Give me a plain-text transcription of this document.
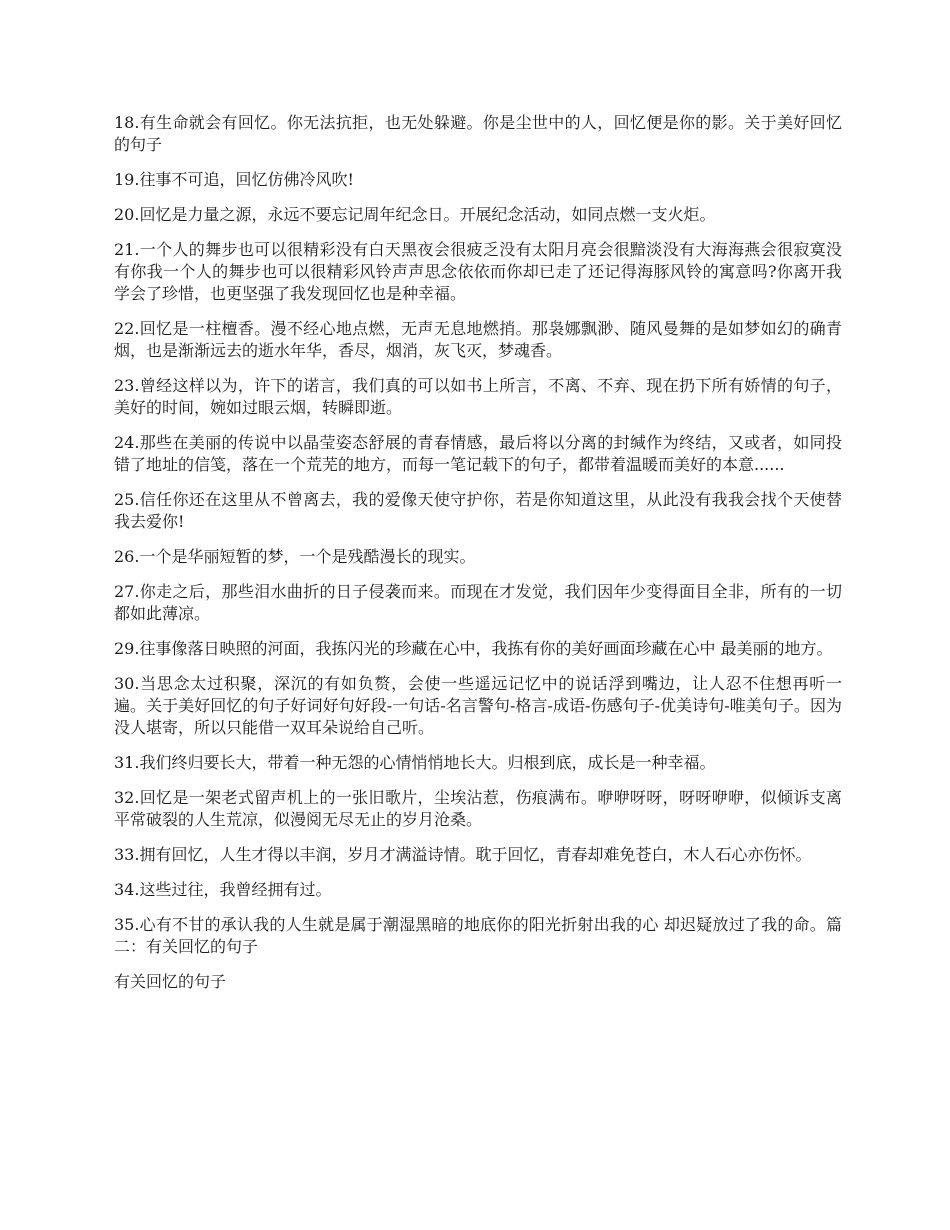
18.有生命就会有回忆。你无法抗拒，也无处躲避。你是尘世中的人，回忆便是你的影。关于美好回忆的句子

19.往事不可追，回忆仿佛冷风吹!

20.回忆是力量之源，永远不要忘记周年纪念日。开展纪念活动，如同点燃一支火炬。

21.一个人的舞步也可以很精彩没有白天黑夜会很疲乏没有太阳月亮会很黯淡没有大海海燕会很寂寞没有你我一个人的舞步也可以很精彩风铃声声思念依依而你却已走了还记得海豚风铃的寓意吗?你离开我学会了珍惜，也更坚强了我发现回忆也是种幸福。

22.回忆是一柱檀香。漫不经心地点燃，无声无息地燃捎。那袅娜飘渺、随风曼舞的是如梦如幻的确青烟，也是渐渐远去的逝水年华，香尽，烟消，灰飞灭，梦魂香。

23.曾经这样以为，许下的诺言，我们真的可以如书上所言，不离、不弃、现在扔下所有娇情的句子，美好的时间，婉如过眼云烟，转瞬即逝。

24.那些在美丽的传说中以晶莹姿态舒展的青春情感，最后将以分离的封缄作为终结，又或者，如同投错了地址的信笺，落在一个荒芜的地方，而每一笔记载下的句子，都带着温暖而美好的本意......

25.信任你还在这里从不曾离去，我的爱像天使守护你，若是你知道这里，从此没有我我会找个天使替我去爱你!

26.一个是华丽短暂的梦，一个是残酷漫长的现实。

27.你走之后，那些泪水曲折的日子侵袭而来。而现在才发觉，我们因年少变得面目全非，所有的一切都如此薄凉。

29.往事像落日映照的河面，我拣闪光的珍藏在心中，我拣有你的美好画面珍藏在心中 最美丽的地方。

30.当思念太过积聚，深沉的有如负赘，会使一些遥远记忆中的说话浮到嘴边，让人忍不住想再听一遍。关于美好回忆的句子好词好句好段-一句话-名言警句-格言-成语-伤感句子-优美诗句-唯美句子。因为没人堪寄，所以只能借一双耳朵说给自己听。

31.我们终归要长大，带着一种无怨的心情悄悄地长大。归根到底，成长是一种幸福。

32.回忆是一架老式留声机上的一张旧歌片，尘埃沾惹，伤痕满布。咿咿呀呀，呀呀咿咿，似倾诉支离平常破裂的人生荒凉，似漫阅无尽无止的岁月沧桑。

33.拥有回忆，人生才得以丰润，岁月才满溢诗情。耽于回忆，青春却难免苍白，木人石心亦伤怀。

34.这些过往，我曾经拥有过。

35.心有不甘的承认我的人生就是属于潮湿黑暗的地底你的阳光折射出我的心 却迟疑放过了我的命。篇二：有关回忆的句子

有关回忆的句子
